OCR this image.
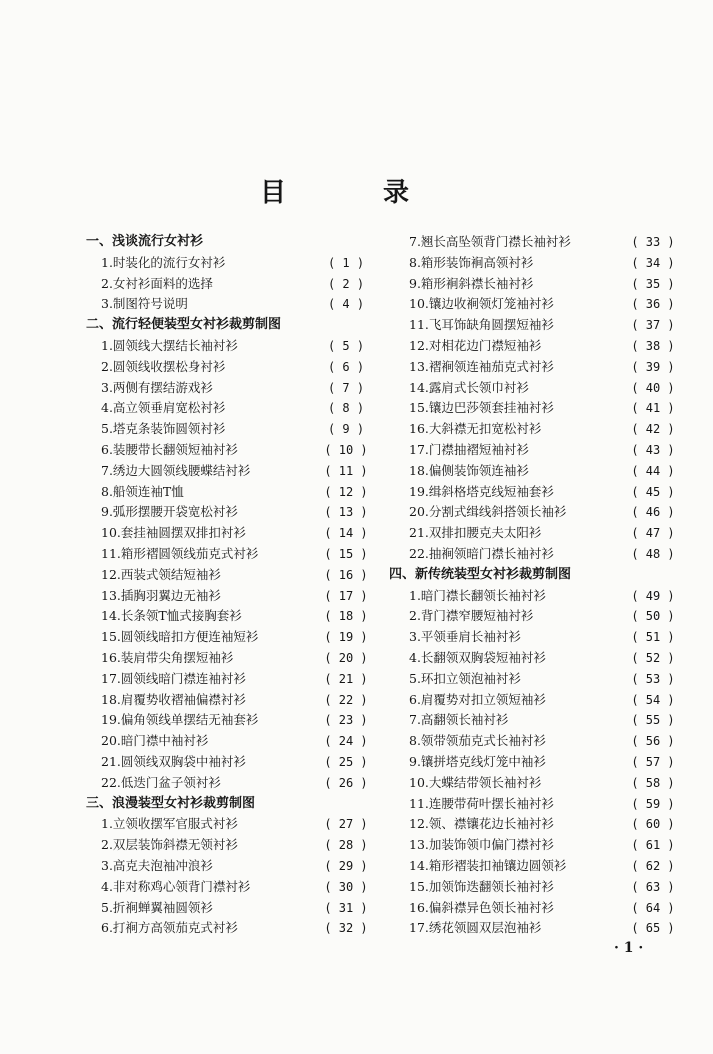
目 录
一、浅谈流行女衬衫
1.时装化的流行女衬衫	( 1 )
2.女衬衫面料的选择	( 2 )
3.制图符号说明	( 4 )
二、流行轻便装型女衬衫裁剪制图
1.圆领线大摆结长袖衬衫	( 5 )
2.圆领线收摆松身衬衫	( 6 )
3.两侧有摆结游戏衫	( 7 )
4.高立领垂肩宽松衬衫	( 8 )
5.塔克条装饰圆领衬衫	( 9 )
6.装腰带长翻领短袖衬衫	( 10 )
7.绣边大圆领线腰蝶结衬衫	( 11 )
8.船领连袖T恤	( 12 )
9.弧形摆腰开袋宽松衬衫	( 13 )
10.套挂袖圆摆双排扣衬衫	( 14 )
11.箱形褶圆领线茄克式衬衫	( 15 )
12.西装式领结短袖衫	( 16 )
13.插胸羽翼边无袖衫	( 17 )
14.长条领T恤式接胸套衫	( 18 )
15.圆领线暗扣方便连袖短衫	( 19 )
16.装肩带尖角摆短袖衫	( 20 )
17.圆领线暗门襟连袖衬衫	( 21 )
18.肩覆势收褶袖偏襟衬衫	( 22 )
19.偏角领线单摆结无袖套衫	( 23 )
20.暗门襟中袖衬衫	( 24 )
21.圆领线双胸袋中袖衬衫	( 25 )
22.低迭门盆子领衬衫	( 26 )
三、浪漫装型女衬衫裁剪制图
1.立领收摆军官服式衬衫	( 27 )
2.双层装饰斜襟无领衬衫	( 28 )
3.高克夫泡袖冲浪衫	( 29 )
4.非对称鸡心领背门襟衬衫	( 30 )
5.折裥蝉翼袖圆领衫	( 31 )
6.打裥方高领茄克式衬衫	( 32 )
7.翘长高坠领背门襟长袖衬衫	( 33 )
8.箱形装饰裥高领衬衫	( 34 )
9.箱形裥斜襟长袖衬衫	( 35 )
10.镶边收裥领灯笼袖衬衫	( 36 )
11.飞耳饰缺角圆摆短袖衫	( 37 )
12.对相花边门襟短袖衫	( 38 )
13.褶裥领连袖茄克式衬衫	( 39 )
14.露肩式长领巾衬衫	( 40 )
15.镶边巴莎领套挂袖衬衫	( 41 )
16.大斜襟无扣宽松衬衫	( 42 )
17.门襟抽褶短袖衬衫	( 43 )
18.偏侧装饰领连袖衫	( 44 )
19.缉斜格塔克线短袖套衫	( 45 )
20.分割式缉线斜搭领长袖衫	( 46 )
21.双排扣腰克夫太阳衫	( 47 )
22.抽裥领暗门襟长袖衬衫	( 48 )
四、新传统装型女衬衫裁剪制图
1.暗门襟长翻领长袖衬衫	( 49 )
2.背门襟窄腰短袖衬衫	( 50 )
3.平领垂肩长袖衬衫	( 51 )
4.长翻领双胸袋短袖衬衫	( 52 )
5.环扣立领泡袖衬衫	( 53 )
6.肩覆势对扣立领短袖衫	( 54 )
7.高翻领长袖衬衫	( 55 )
8.领带领茄克式长袖衬衫	( 56 )
9.镶拼塔克线灯笼中袖衫	( 57 )
10.大蝶结带领长袖衬衫	( 58 )
11.连腰带荷叶摆长袖衬衫	( 59 )
12.领、襟镶花边长袖衬衫	( 60 )
13.加装饰领巾偏门襟衬衫	( 61 )
14.箱形褶装扣袖镶边圆领衫	( 62 )
15.加领饰迭翻领长袖衬衫	( 63 )
16.偏斜襟异色领长袖衬衫	( 64 )
17.绣花领圆双层泡袖衫	( 65 )
· 1 ·
